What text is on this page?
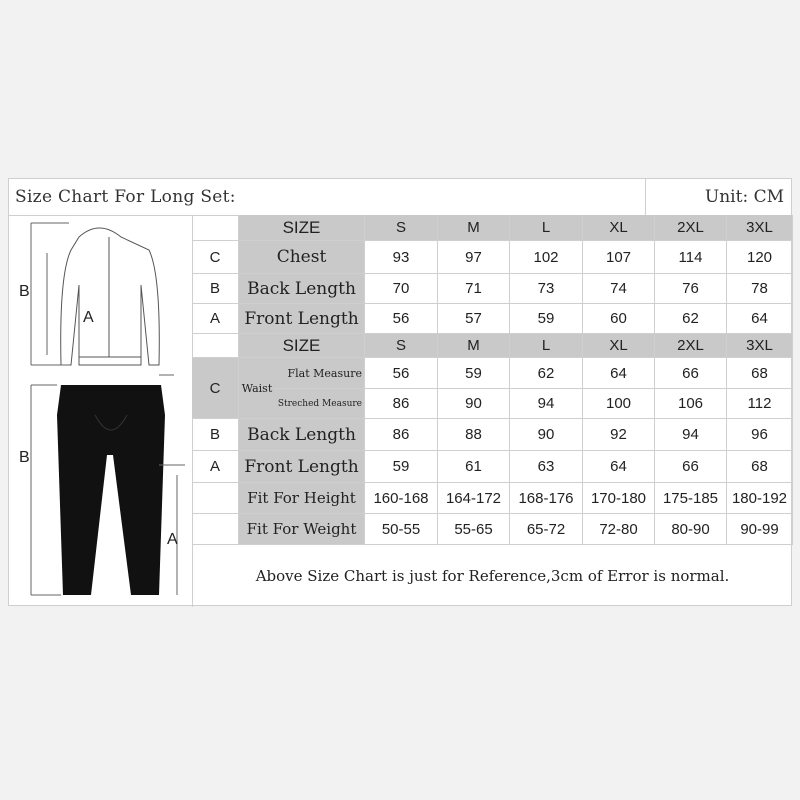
Size Chart For Long Set:	Unit: CM
B
A
B
A
SIZE	S	M	L	XL	2XL	3XL
C	Chest	93	97	102	107	114	120
B	Back Length	70	71	73	74	76	78
A	Front Length	56	57	59	60	62	64
SIZE	S	M	L	XL	2XL	3XL
C	Waist
Flat Measure	56	59	62	64	66	68
Streched Measure	86	90	94	100	106	112
B	Back Length	86	88	90	92	94	96
A	Front Length	59	61	63	64	66	68
Fit For Height	160-168	164-172	168-176	170-180	175-185 180-192
Fit For Weight	50-55	55-65	65-72	72-80	80-90	90-99
Above Size Chart is just for Reference,3cm of Error is normal.
